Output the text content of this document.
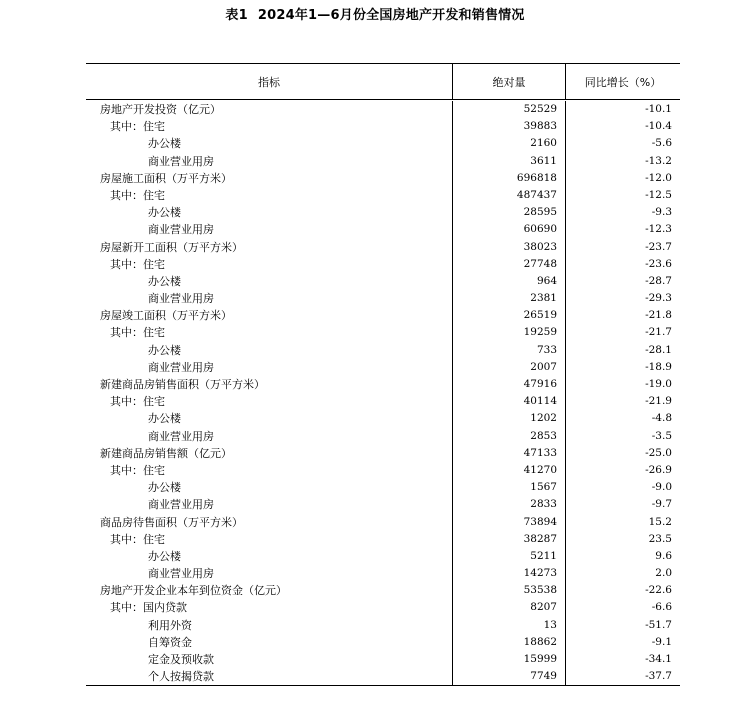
表1 2024年1—6月份全国房地产开发和销售情况
指标	绝对量	同比增长（%）
房地产开发投资（亿元）	52529	-10.1
其中：住宅	39883	-10.4
办公楼	2160	-5.6
商业营业用房	3611	-13.2
房屋施工面积（万平方米）	696818	-12.0
其中：住宅	487437	-12.5
办公楼	28595	-9.3
商业营业用房	60690	-12.3
房屋新开工面积（万平方米）	38023	-23.7
其中：住宅	27748	-23.6
办公楼	964	-28.7
商业营业用房	2381	-29.3
房屋竣工面积（万平方米）	26519	-21.8
其中：住宅	19259	-21.7
办公楼	733	-28.1
商业营业用房	2007	-18.9
新建商品房销售面积（万平方米）	47916	-19.0
其中：住宅	40114	-21.9
办公楼	1202	-4.8
商业营业用房	2853	-3.5
新建商品房销售额（亿元）	47133	-25.0
其中：住宅	41270	-26.9
办公楼	1567	-9.0
商业营业用房	2833	-9.7
商品房待售面积（万平方米）	73894	15.2
其中：住宅	38287	23.5
办公楼	5211	9.6
商业营业用房	14273	2.0
房地产开发企业本年到位资金（亿元）	53538	-22.6
其中：国内贷款	8207	-6.6
利用外资	13	-51.7
自筹资金	18862	-9.1
定金及预收款	15999	-34.1
个人按揭贷款	7749	-37.7
